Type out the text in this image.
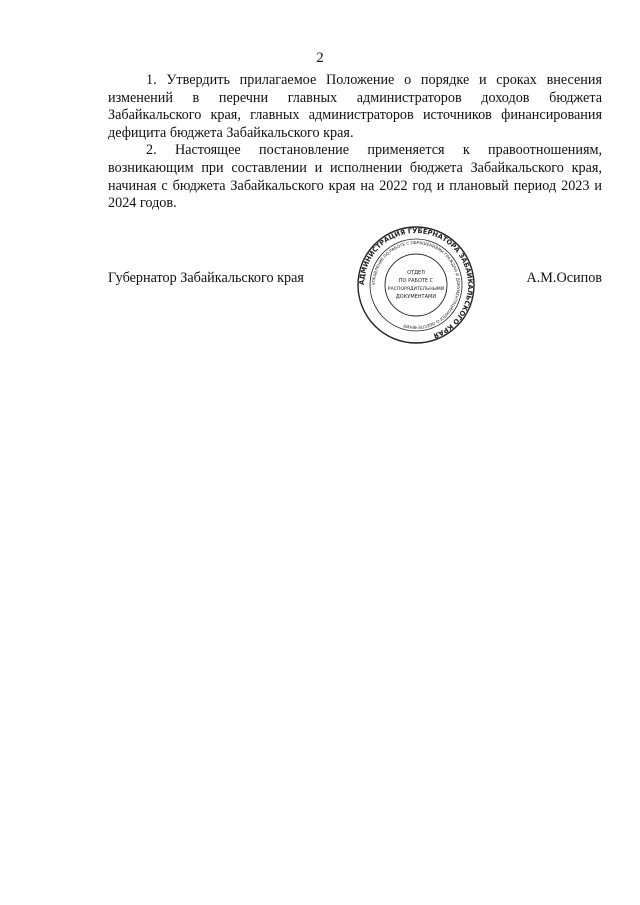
2

1. Утвердить прилагаемое Положение о порядке и сроках внесения изменений в перечни главных администраторов доходов бюджета Забайкальского края, главных администраторов источников финансирования дефицита бюджета Забайкальского края.

2. Настоящее постановление применяется к правоотношениям, возникающим при составлении и исполнении бюджета Забайкальского края, начиная с бюджета Забайкальского края на 2022 год и плановый период 2023 и 2024 годов.

Губернатор Забайкальского края	А.М.Осипов
АДМИНИСТРАЦИЯ ГУБЕРНАТОРА ЗАБАЙКАЛЬСКОГО КРАЯ
УПРАВЛЕНИЕ ПО РАБОТЕ С ОБРАЩЕНИЯМИ ГРАЖДАН И ДОКУМЕНТАЦИОННОГО ОБЕСПЕЧЕНИЯ
ОТДЕЛ
ПО РАБОТЕ С
РАСПОРЯДИТЕЛЬНЫМИ
ДОКУМЕНТАМИ
